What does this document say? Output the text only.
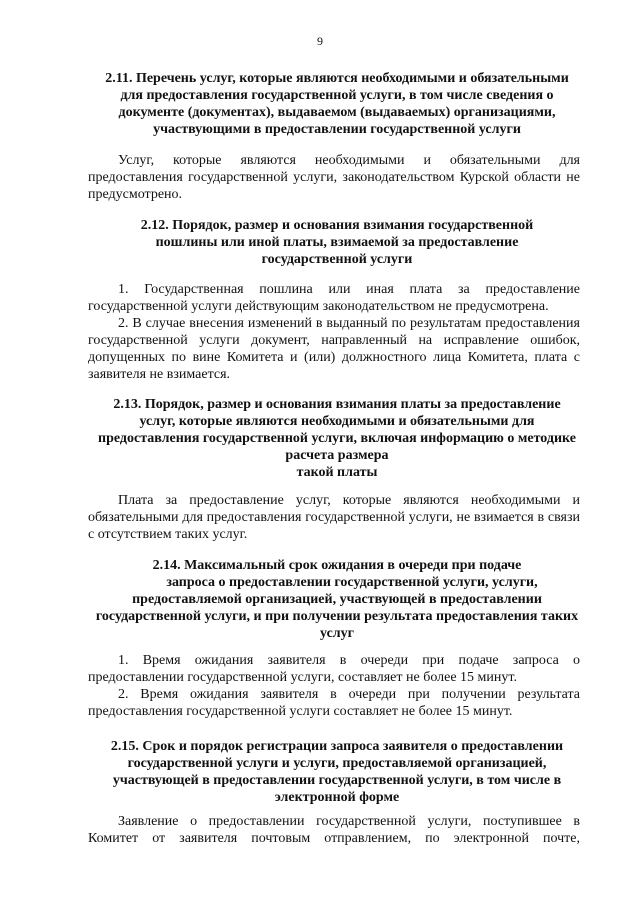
9
2.11. Перечень услуг, которые являются необходимыми и обязательными
для предоставления государственной услуги, в том числе сведения о
документе (документах), выдаваемом (выдаваемых) организациями,
участвующими в предоставлении государственной услуги
Услуг, которые являются необходимыми и обязательными для предоставления государственной услуги, законодательством Курской области не предусмотрено.
2.12. Порядок, размер и основания взимания государственной
пошлины или иной платы, взимаемой за предоставление
государственной услуги
1. Государственная пошлина или иная плата за предоставление государственной услуги действующим законодательством не предусмотрена.
2. В случае внесения изменений в выданный по результатам предоставления государственной услуги документ, направленный на исправление ошибок, допущенных по вине Комитета и (или) должностного лица Комитета, плата с заявителя не взимается.
2.13. Порядок, размер и основания взимания платы за предоставление
услуг, которые являются необходимыми и обязательными для
предоставления государственной услуги, включая информацию о методике
расчета размера
такой платы
Плата за предоставление услуг, которые являются необходимыми и обязательными для предоставления государственной услуги, не взимается в связи с отсутствием таких услуг.
2.14. Максимальный срок ожидания в очереди при подаче
запроса о предоставлении государственной услуги, услуги,
предоставляемой организацией, участвующей в предоставлении
государственной услуги, и при получении результата предоставления таких
услуг
1. Время ожидания заявителя в очереди при подаче запроса о предоставлении государственной услуги, составляет не более 15 минут.
2. Время ожидания заявителя в очереди при получении результата предоставления государственной услуги составляет не более 15 минут.
2.15. Срок и порядок регистрации запроса заявителя о предоставлении
государственной услуги и услуги, предоставляемой организацией,
участвующей в предоставлении государственной услуги, в том числе в
электронной форме
Заявление о предоставлении государственной услуги, поступившее в Комитет от заявителя почтовым отправлением, по электронной почте,
